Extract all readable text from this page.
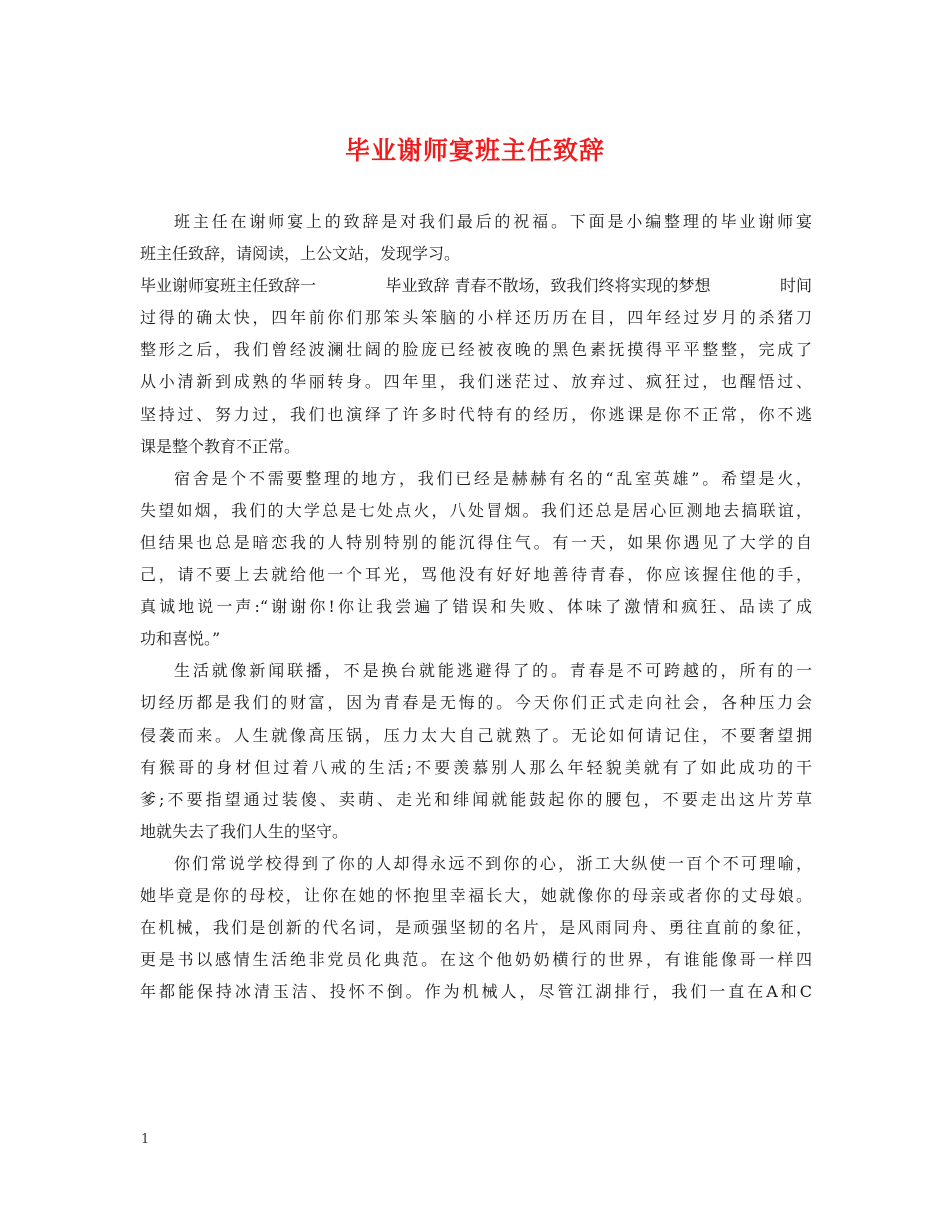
毕业谢师宴班主任致辞
班主任在谢师宴上的致辞是对我们最后的祝福。下面是小编整理的毕业谢师宴
班主任致辞，请阅读，上公文站，发现学习。
毕业谢师宴班主任致辞一	毕业致辞 青春不散场，致我们终将实现的梦想	时间
过得的确太快，四年前你们那笨头笨脑的小样还历历在目，四年经过岁月的杀猪刀
整形之后，我们曾经波澜壮阔的脸庞已经被夜晚的黑色素抚摸得平平整整，完成了
从小清新到成熟的华丽转身。四年里，我们迷茫过、放弃过、疯狂过，也醒悟过、
坚持过、努力过，我们也演绎了许多时代特有的经历，你逃课是你不正常，你不逃
课是整个教育不正常。
宿舍是个不需要整理的地方，我们已经是赫赫有名的“乱室英雄”。希望是火，
失望如烟，我们的大学总是七处点火，八处冒烟。我们还总是居心叵测地去搞联谊，
但结果也总是暗恋我的人特别特别的能沉得住气。有一天，如果你遇见了大学的自
己，请不要上去就给他一个耳光，骂他没有好好地善待青春，你应该握住他的手，
真诚地说一声:“谢谢你!你让我尝遍了错误和失败、体味了激情和疯狂、品读了成
功和喜悦。”
生活就像新闻联播，不是换台就能逃避得了的。青春是不可跨越的，所有的一
切经历都是我们的财富，因为青春是无悔的。今天你们正式走向社会，各种压力会
侵袭而来。人生就像高压锅，压力太大自己就熟了。无论如何请记住，不要奢望拥
有猴哥的身材但过着八戒的生活;不要羡慕别人那么年轻貌美就有了如此成功的干
爹;不要指望通过装傻、卖萌、走光和绯闻就能鼓起你的腰包，不要走出这片芳草
地就失去了我们人生的坚守。
你们常说学校得到了你的人却得永远不到你的心，浙工大纵使一百个不可理喻，
她毕竟是你的母校，让你在她的怀抱里幸福长大，她就像你的母亲或者你的丈母娘。
在机械，我们是创新的代名词，是顽强坚韧的名片，是风雨同舟、勇往直前的象征，
更是书以感情生活绝非党员化典范。在这个他奶奶横行的世界，有谁能像哥一样四
年都能保持冰清玉洁、投怀不倒。作为机械人，尽管江湖排行，我们一直在A和C
1
